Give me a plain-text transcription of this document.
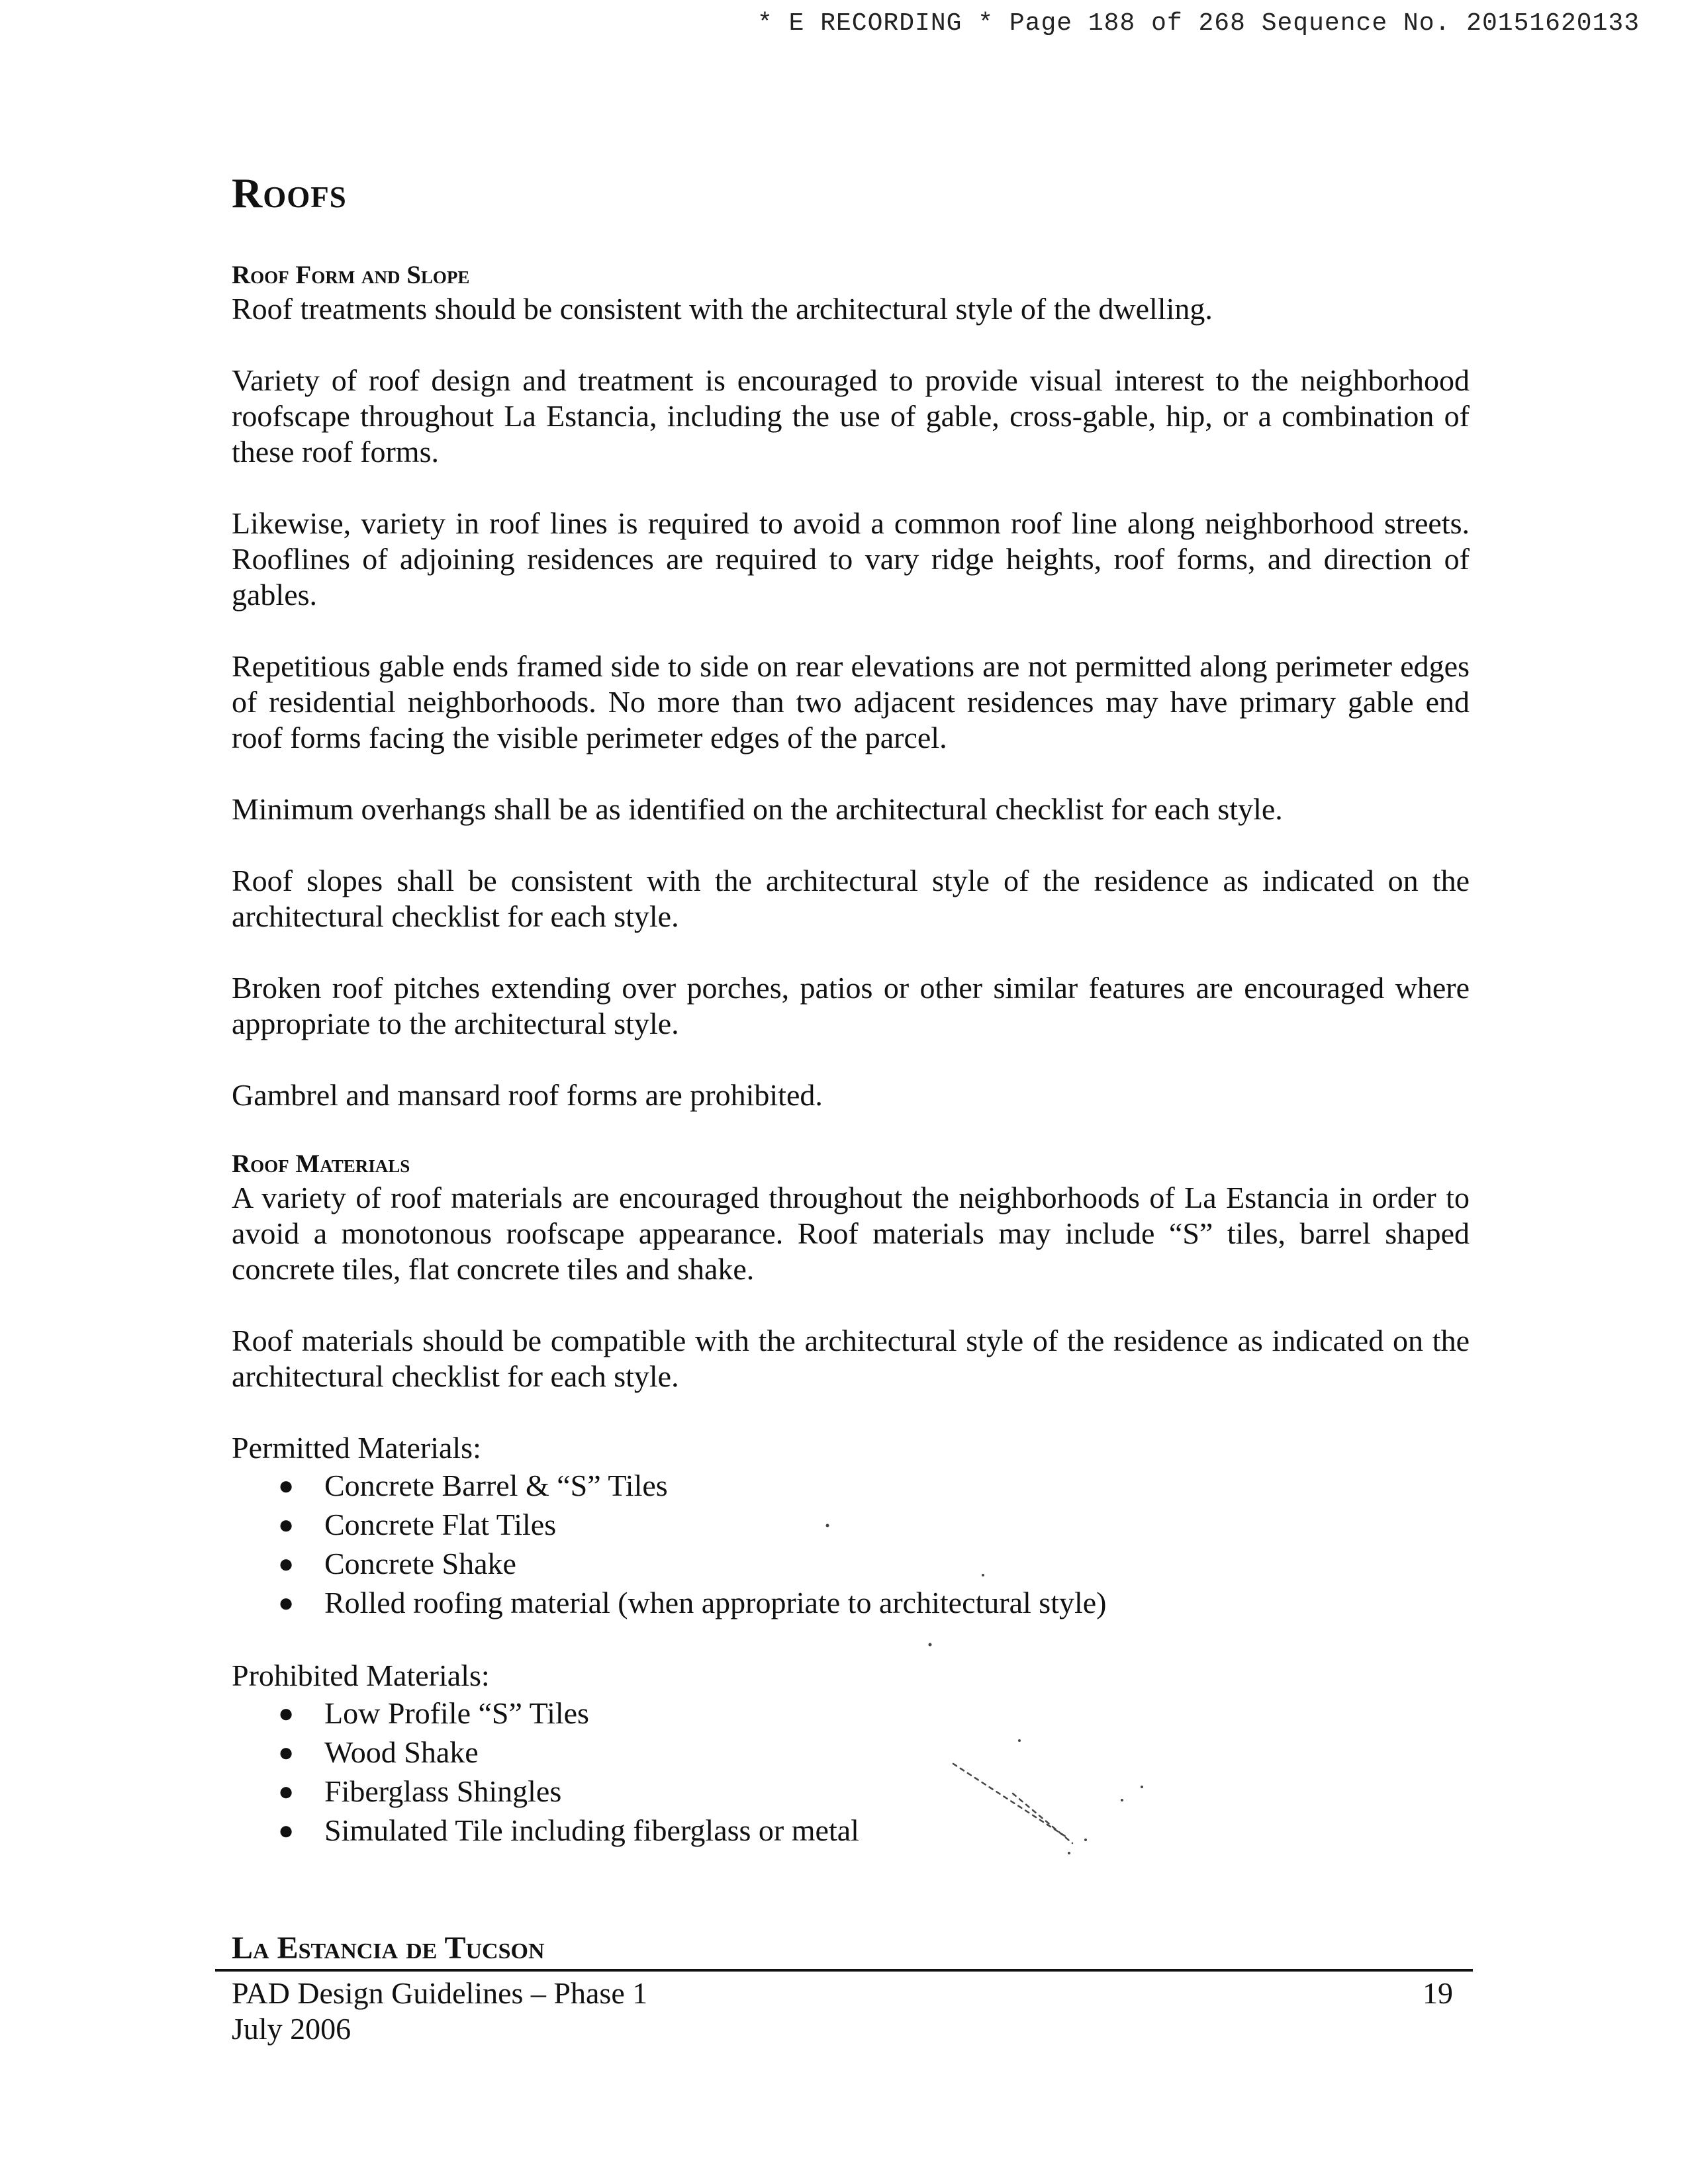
* E RECORDING * Page 188 of 268 Sequence No. 20151620133
Roofs
Roof Form and Slope

Roof treatments should be consistent with the architectural style of the dwelling.

Variety of roof design and treatment is encouraged to provide visual interest to the neighborhood roofscape throughout La Estancia, including the use of gable, cross-gable, hip, or a combination of these roof forms.

Likewise, variety in roof lines is required to avoid a common roof line along neighborhood streets. Rooflines of adjoining residences are required to vary ridge heights, roof forms, and direction of gables.

Repetitious gable ends framed side to side on rear elevations are not permitted along perimeter edges of residential neighborhoods. No more than two adjacent residences may have primary gable end roof forms facing the visible perimeter edges of the parcel.

Minimum overhangs shall be as identified on the architectural checklist for each style.

Roof slopes shall be consistent with the architectural style of the residence as indicated on the architectural checklist for each style.

Broken roof pitches extending over porches, patios or other similar features are encouraged where appropriate to the architectural style.

Gambrel and mansard roof forms are prohibited.

Roof Materials

A variety of roof materials are encouraged throughout the neighborhoods of La Estancia in order to avoid a monotonous roofscape appearance. Roof materials may include “S” tiles, barrel shaped concrete tiles, flat concrete tiles and shake.

Roof materials should be compatible with the architectural style of the residence as indicated on the architectural checklist for each style.

Permitted Materials:
● Concrete Barrel & “S” Tiles
● Concrete Flat Tiles
● Concrete Shake
● Rolled roofing material (when appropriate to architectural style)
Prohibited Materials:
● Low Profile “S” Tiles
● Wood Shake
● Fiberglass Shingles
● Simulated Tile including fiberglass or metal
La Estancia de Tucson
PAD Design Guidelines – Phase 1	19
July 2006
